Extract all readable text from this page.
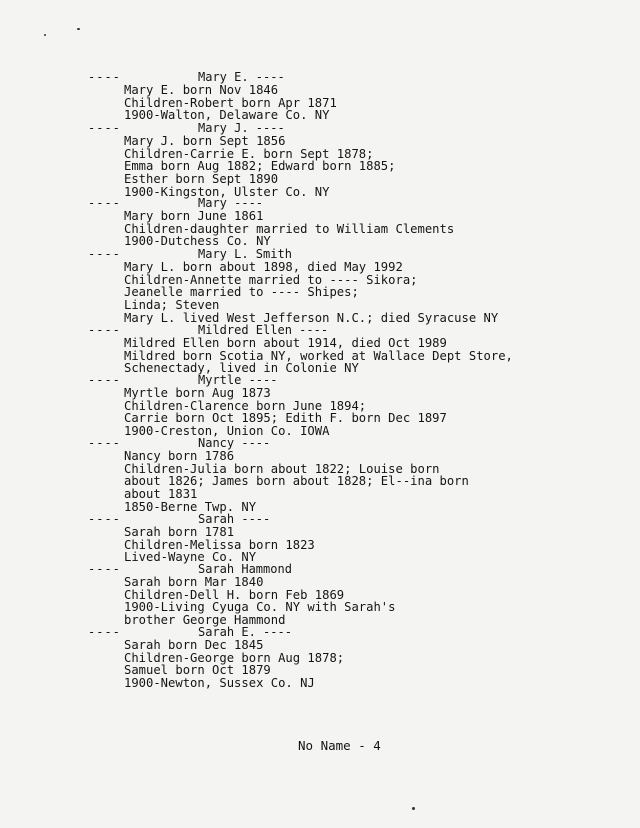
----	Mary E. ----
Mary E. born Nov 1846
Children-Robert born Apr 1871
1900-Walton, Delaware Co. NY
----	Mary J. ----
Mary J. born Sept 1856
Children-Carrie E. born Sept 1878;
Emma born Aug 1882; Edward born 1885;
Esther born Sept 1890
1900-Kingston, Ulster Co. NY
----	Mary ----
Mary born June 1861
Children-daughter married to William Clements
1900-Dutchess Co. NY
----	Mary L. Smith
Mary L. born about 1898, died May 1992
Children-Annette married to ---- Sikora;
Jeanelle married to ---- Shipes;
Linda; Steven
Mary L. lived West Jefferson N.C.; died Syracuse NY
----	Mildred Ellen ----
Mildred Ellen born about 1914, died Oct 1989
Mildred born Scotia NY, worked at Wallace Dept Store,
Schenectady, lived in Colonie NY
----	Myrtle ----
Myrtle born Aug 1873
Children-Clarence born June 1894;
Carrie born Oct 1895; Edith F. born Dec 1897
1900-Creston, Union Co. IOWA
----	Nancy ----
Nancy born 1786
Children-Julia born about 1822; Louise born
about 1826; James born about 1828; El--ina born
about 1831
1850-Berne Twp. NY
----	Sarah ----
Sarah born 1781
Children-Melissa born 1823
Lived-Wayne Co. NY
----	Sarah Hammond
Sarah born Mar 1840
Children-Dell H. born Feb 1869
1900-Living Cyuga Co. NY with Sarah's
brother George Hammond
----	Sarah E. ----
Sarah born Dec 1845
Children-George born Aug 1878;
Samuel born Oct 1879
1900-Newton, Sussex Co. NJ
No Name - 4
